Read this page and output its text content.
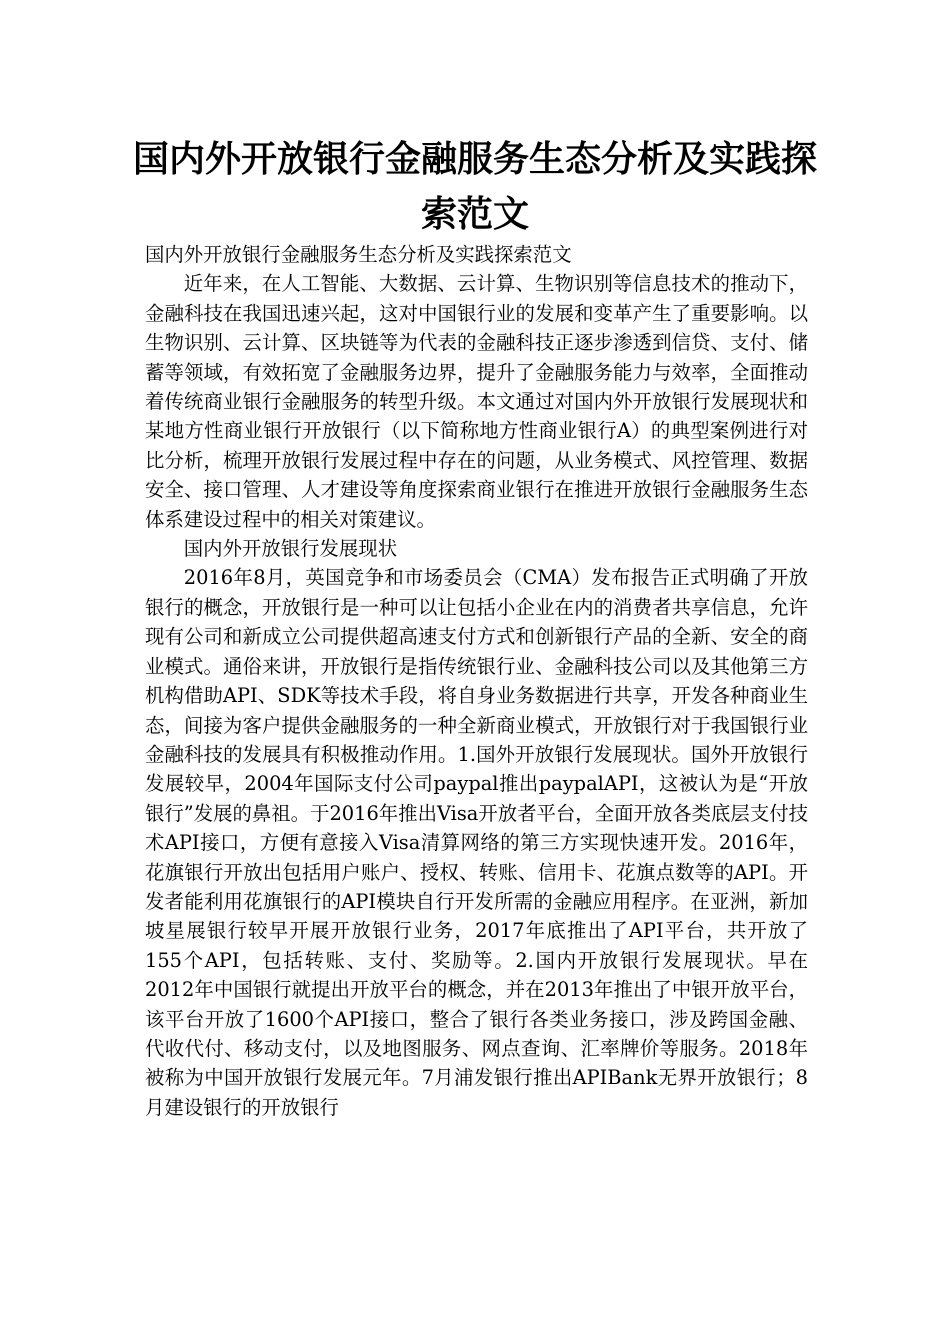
国内外开放银行金融服务生态分析及实践探索范文

国内外开放银行金融服务生态分析及实践探索范文

近年来，在人工智能、大数据、云计算、生物识别等信息技术的推动下，金融科技在我国迅速兴起，这对中国银行业的发展和变革产生了重要影响。以生物识别、云计算、区块链等为代表的金融科技正逐步渗透到信贷、支付、储蓄等领域，有效拓宽了金融服务边界，提升了金融服务能力与效率，全面推动着传统商业银行金融服务的转型升级。本文通过对国内外开放银行发展现状和某地方性商业银行开放银行（以下简称地方性商业银行A）的典型案例进行对比分析，梳理开放银行发展过程中存在的问题，从业务模式、风控管理、数据安全、接口管理、人才建设等角度探索商业银行在推进开放银行金融服务生态体系建设过程中的相关对策建议。

国内外开放银行发展现状

2016年8月，英国竞争和市场委员会（CMA）发布报告正式明确了开放银行的概念，开放银行是一种可以让包括小企业在内的消费者共享信息，允许现有公司和新成立公司提供超高速支付方式和创新银行产品的全新、安全的商业模式。通俗来讲，开放银行是指传统银行业、金融科技公司以及其他第三方机构借助API、SDK等技术手段，将自身业务数据进行共享，开发各种商业生态，间接为客户提供金融服务的一种全新商业模式，开放银行对于我国银行业金融科技的发展具有积极推动作用。1.国外开放银行发展现状。国外开放银行发展较早，2004年国际支付公司paypal推出paypalAPI，这被认为是“开放银行”发展的鼻祖。于2016年推出Visa开放者平台，全面开放各类底层支付技术API接口，方便有意接入Visa清算网络的第三方实现快速开发。2016年，花旗银行开放出包括用户账户、授权、转账、信用卡、花旗点数等的API。开发者能利用花旗银行的API模块自行开发所需的金融应用程序。在亚洲，新加坡星展银行较早开展开放银行业务，2017年底推出了API平台，共开放了155个API，包括转账、支付、奖励等。2.国内开放银行发展现状。早在2012年中国银行就提出开放平台的概念，并在2013年推出了中银开放平台，该平台开放了1600个API接口，整合了银行各类业务接口，涉及跨国金融、代收代付、移动支付，以及地图服务、网点查询、汇率牌价等服务。2018年被称为中国开放银行发展元年。7月浦发银行推出APIBank无界开放银行；8月建设银行的开放银行
